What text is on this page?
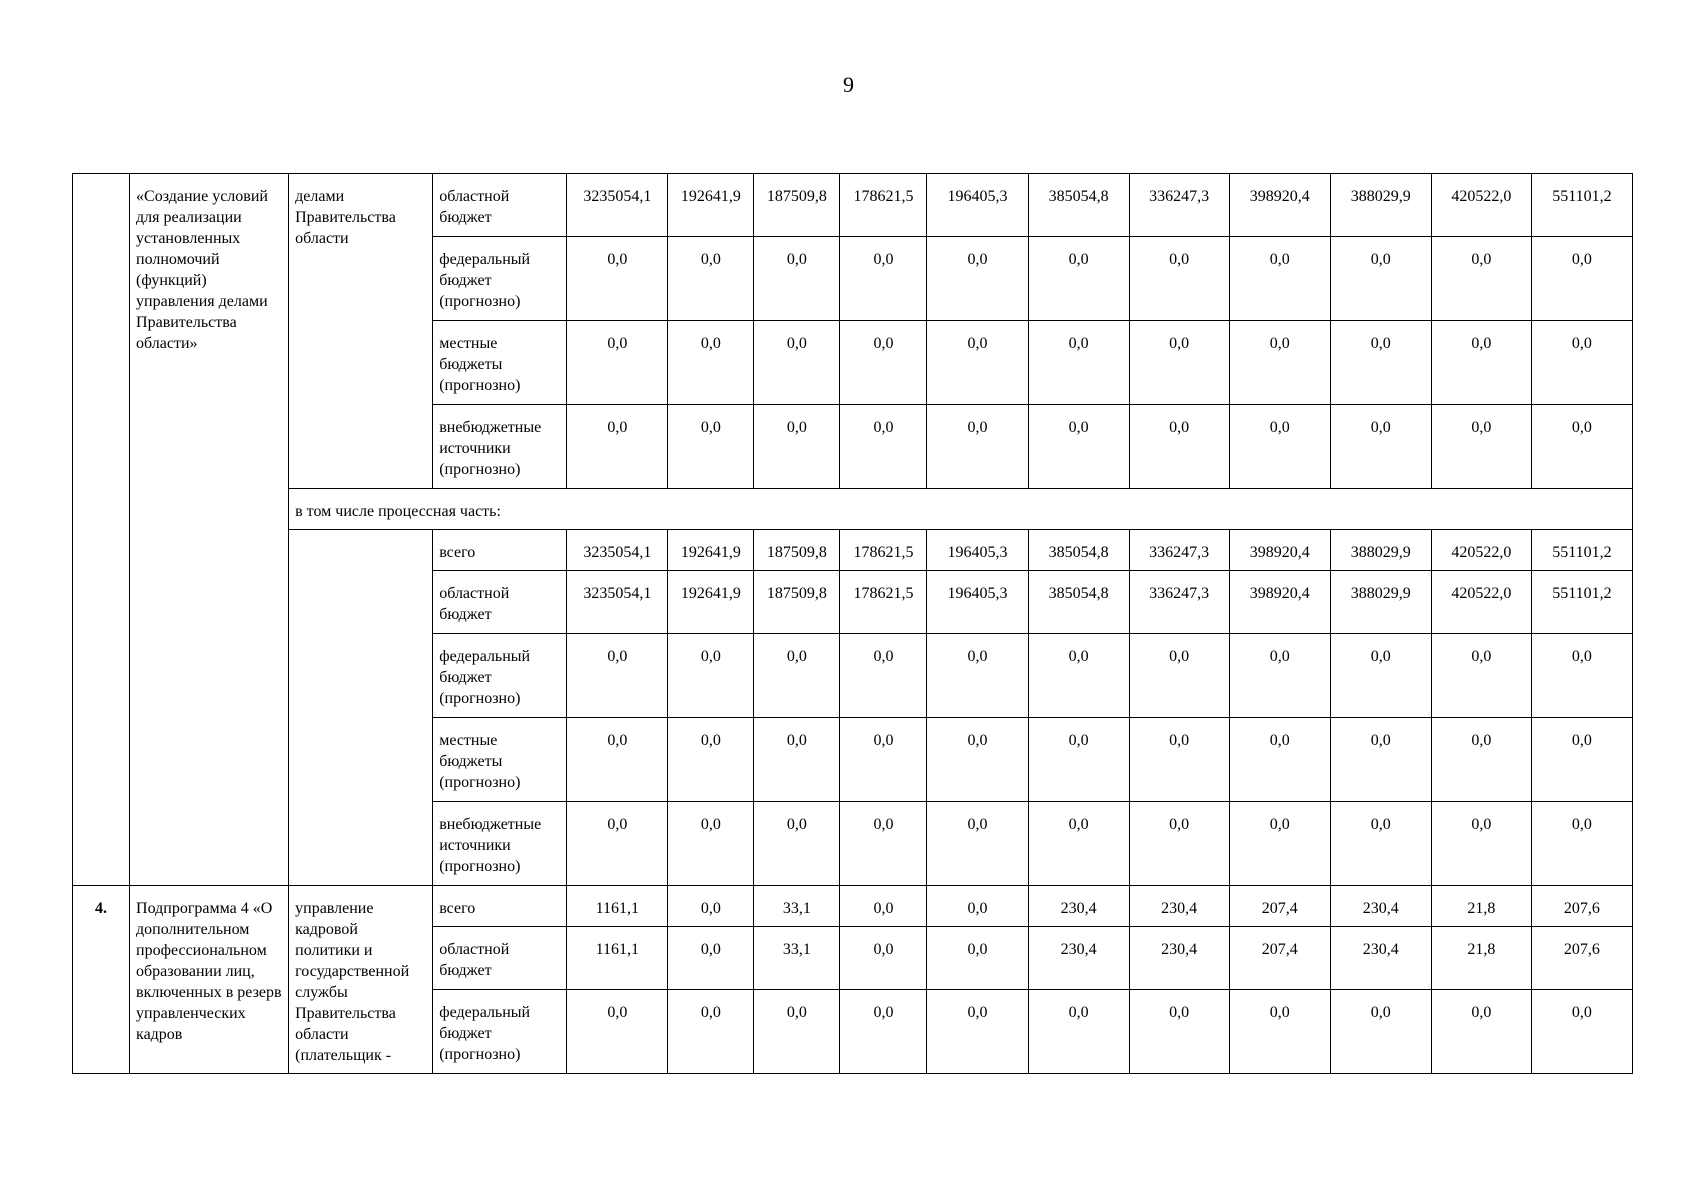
9
	«Создание условий для реализации установленных полномочий (функций) управления делами Правительства области»	делами Правительства области	областной бюджет	3235054,1	192641,9	187509,8	178621,5	196405,3	385054,8	336247,3	398920,4	388029,9	420522,0	551101,2
			федеральный бюджет (прогнозно)	0,0	0,0	0,0	0,0	0,0	0,0	0,0	0,0	0,0	0,0	0,0
			местные бюджеты (прогнозно)	0,0	0,0	0,0	0,0	0,0	0,0	0,0	0,0	0,0	0,0	0,0
			внебюджетные источники (прогнозно)	0,0	0,0	0,0	0,0	0,0	0,0	0,0	0,0	0,0	0,0	0,0
		в том числе процессная часть:												
			всего	3235054,1	192641,9	187509,8	178621,5	196405,3	385054,8	336247,3	398920,4	388029,9	420522,0	551101,2
			областной бюджет	3235054,1	192641,9	187509,8	178621,5	196405,3	385054,8	336247,3	398920,4	388029,9	420522,0	551101,2
			федеральный бюджет (прогнозно)	0,0	0,0	0,0	0,0	0,0	0,0	0,0	0,0	0,0	0,0	0,0
			местные бюджеты (прогнозно)	0,0	0,0	0,0	0,0	0,0	0,0	0,0	0,0	0,0	0,0	0,0
			внебюджетные источники (прогнозно)	0,0	0,0	0,0	0,0	0,0	0,0	0,0	0,0	0,0	0,0	0,0
4.	Подпрограмма 4 «О дополнительном профессиональном образовании лиц, включенных в резерв управленческих кадров	управление кадровой политики и государственной службы Правительства области (плательщик -	всего	1161,1	0,0	33,1	0,0	0,0	230,4	230,4	207,4	230,4	21,8	207,6
			областной бюджет	1161,1	0,0	33,1	0,0	0,0	230,4	230,4	207,4	230,4	21,8	207,6
			федеральный бюджет (прогнозно)	0,0	0,0	0,0	0,0	0,0	0,0	0,0	0,0	0,0	0,0	0,0
